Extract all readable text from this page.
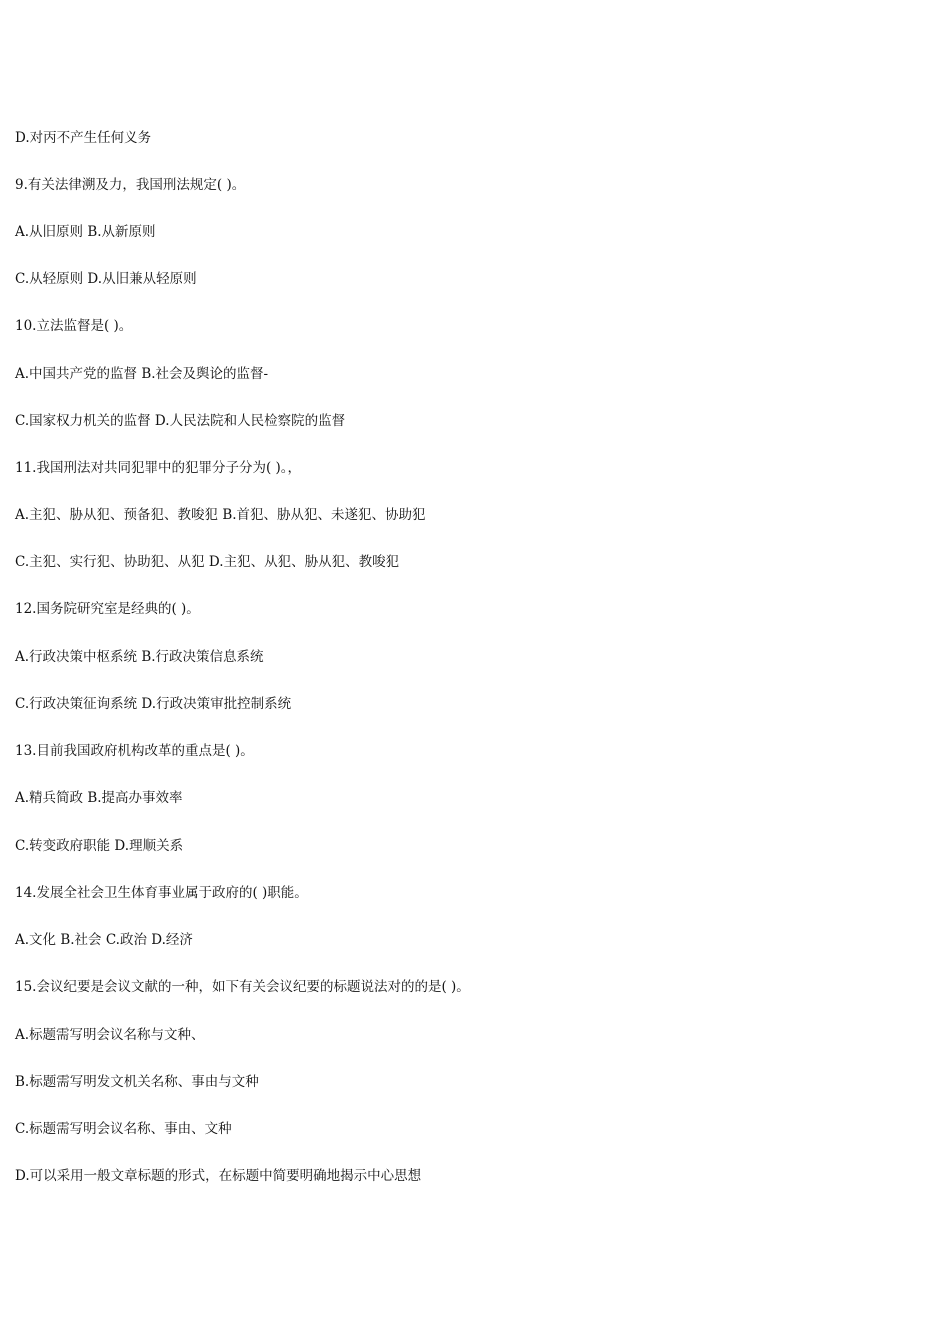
D.对丙不产生任何义务

9.有关法律溯及力，我国刑法规定( )。

A.从旧原则 B.从新原则

C.从轻原则 D.从旧兼从轻原则

10.立法监督是( )。

A.中国共产党的监督 B.社会及舆论的监督-

C.国家权力机关的监督 D.人民法院和人民检察院的监督

11.我国刑法对共同犯罪中的犯罪分子分为( )。，

A.主犯、胁从犯、预备犯、教唆犯 B.首犯、胁从犯、未遂犯、协助犯

C.主犯、实行犯、协助犯、从犯 D.主犯、从犯、胁从犯、教唆犯

12.国务院研究室是经典的( )。

A.行政决策中枢系统 B.行政决策信息系统

C.行政决策征询系统 D.行政决策审批控制系统

13.目前我国政府机构改革的重点是( )。

A.精兵简政 B.提高办事效率

C.转变政府职能 D.理顺关系

14.发展全社会卫生体育事业属于政府的( )职能。

A.文化 B.社会 C.政治 D.经济

15.会议纪要是会议文献的一种，如下有关会议纪要的标题说法对的的是( )。

A.标题需写明会议名称与文种、

B.标题需写明发文机关名称、事由与文种

C.标题需写明会议名称、事由、文种

D.可以采用一般文章标题的形式，在标题中简要明确地揭示中心思想
